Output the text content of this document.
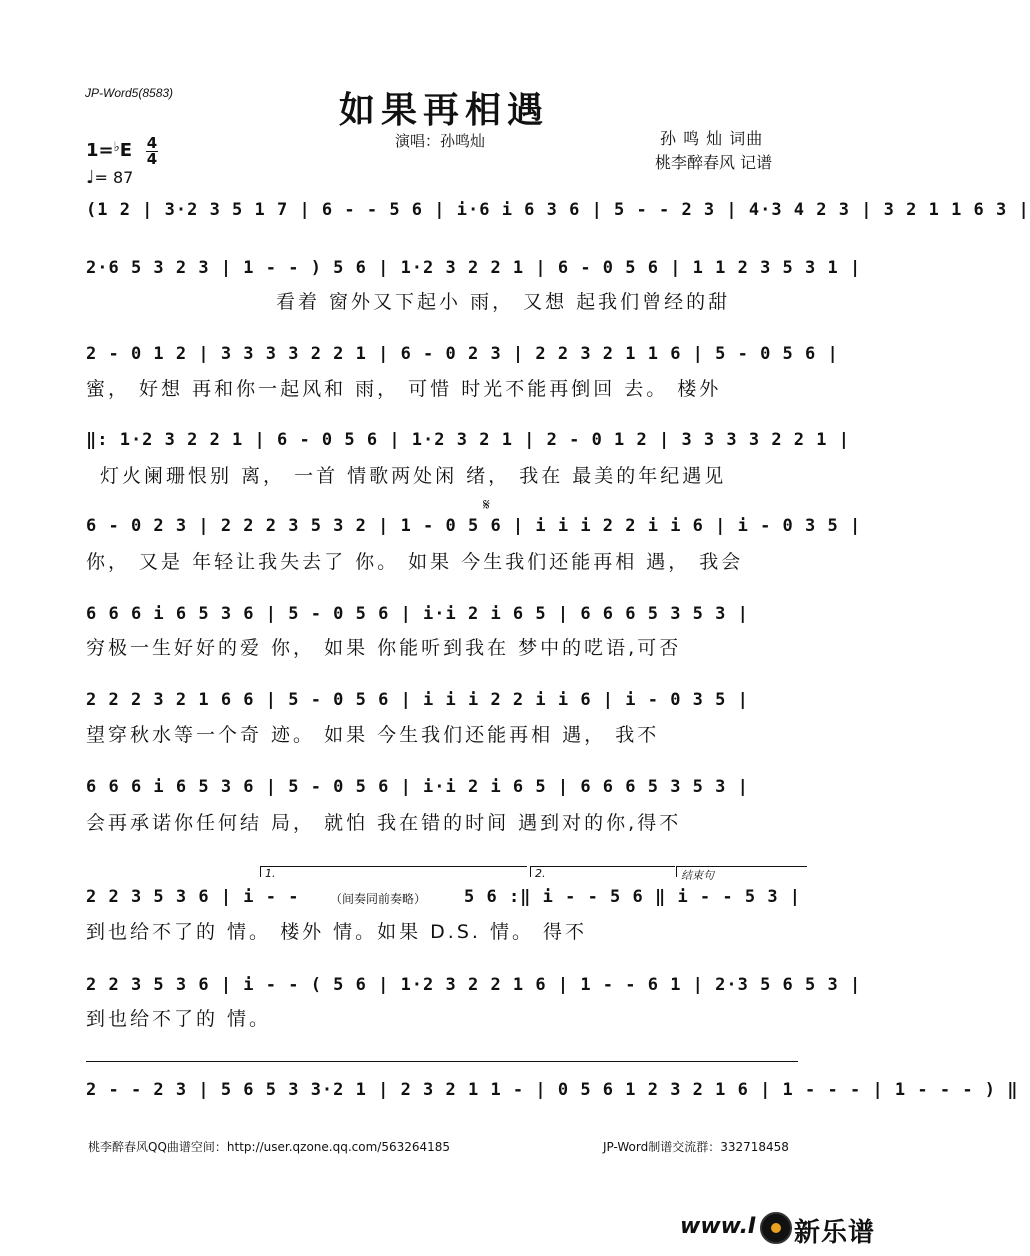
JP-Word5(8583)	如果再相遇
演唱：孙鸣灿	孙 鸣 灿 词曲
桃李醉春风 记谱
1=♭E 4
4
♩= 87
(1 2 | 3·2 3 5 1 7 | 6 - - 5 6 | i·6 i 6 3 6 | 5 - - 2 3 | 4·3 4 2 3 | 3 2 1 1 6 3 |
2·6 5 3 2 3 | 1 - - ) 5 6 | 1·2 3 2 2 1 | 6 - 0 5 6 | 1 1 2 3 5 3 1 |
看着 窗外又下起小 雨， 又想 起我们曾经的甜
2 - 0 1 2 | 3 3 3 3 2 2 1 | 6 - 0 2 3 | 2 2 3 2 1 1 6 | 5 - 0 5 6 |
蜜， 好想 再和你一起风和 雨， 可惜 时光不能再倒回 去。 楼外
‖: 1·2 3 2 2 1 | 6 - 0 5 6 | 1·2 3 2 1 | 2 - 0 1 2 | 3 3 3 3 2 2 1 |
灯火阑珊恨别 离， 一首 情歌两处闲 绪， 我在 最美的年纪遇见
𝄋
6 - 0 2 3 | 2 2 2 3 5 3 2 | 1 - 0 5 6 | i i i 2 2 i i 6 | i - 0 3 5 |
你， 又是 年轻让我失去了 你。 如果 今生我们还能再相 遇， 我会
6 6 6 i 6 5 3 6 | 5 - 0 5 6 | i·i 2 i 6 5 | 6 6 6 5 3 5 3 |
穷极一生好好的爱 你， 如果 你能听到我在 梦中的呓语,可否
2 2 2 3 2 1 6 6 | 5 - 0 5 6 | i i i 2 2 i i 6 | i - 0 3 5 |
望穿秋水等一个奇 迹。 如果 今生我们还能再相 遇， 我不
6 6 6 i 6 5 3 6 | 5 - 0 5 6 | i·i 2 i 6 5 | 6 6 6 5 3 5 3 |
会再承诺你任何结 局， 就怕 我在错的时间 遇到对的你,得不
1.	2.	结束句
2 2 3 5 3 6 | i - -	（间奏同前奏略） 5 6 :‖ i - - 5 6 ‖ i - - 5 3 |
到也给不了的 情。 楼外 情。如果 D.S. 情。 得不
2 2 3 5 3 6 | i - - ( 5 6 | 1·2 3 2 2 1 6 | 1 - - 6 1 | 2·3 5 6 5 3 |
到也给不了的 情。
2 - - 2 3 | 5 6 5 3 3·2 1 | 2 3 2 1 1 - | 0 5 6 1 2 3 2 1 6 | 1 - - - | 1 - - - ) ‖
桃李醉春风QQ曲谱空间：http://user.qzone.qq.com/563264185	JP-Word制谱交流群：332718458
www.Ⅰ 新乐谱
